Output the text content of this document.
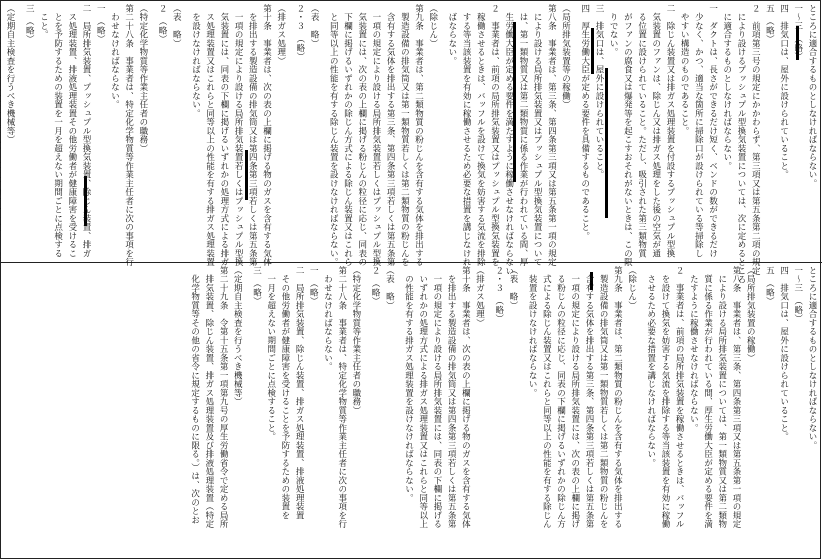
ところに適合するものとしなければならない。
一～三　（略）
四　排気口は、屋外に設けられていること。
五　（略）
２　前項第三号の規定にかかわらず、第三項又は第五条第二項の規定
　により設けるプッシュプル型換気装置については、次に定めるところ
　に適合するものとしなければならない。
一　ダクトは、長さができるだけ短く、ベンドの数ができるだけ
　少なく、かつ、適当な箇所に掃除口が設けられている等掃除し
　やすい構造のものであること。
二　除じん装置又は排ガス処理装置を付設するプッシュプル型換
　気装置のファンは、除じん又は排ガス処理をした後の空気が通
　る位置に設けられていること。ただし、吸引された第三類物質
　がファンの腐食又は爆発等を起こすおそれがないときは、この限
　りでない。
三　排気口は、屋外に設けられていること。
四　厚生労働大臣が定める要件を具備するものであること。
（局所排気装置等の稼働）
第八条　事業者は、第三条、第四条第三項又は第五条第一項の規定
　により設ける局所排気装置又はプッシュプル型換気装置について
　は、第一類物質又は第二類物質に係る作業が行われている間、厚
　生労働大臣が定める要件を満たすように稼働させなければならない。
２　事業者は、前項の局所排気装置又はプッシュプル型換気装置を
　稼働させるときは、バッフルを設けて換気を妨害する気流を排除
　する等当該装置を有効に稼働させるため必要な措置を講じなけれ
　ばならない。
（除じん）
第九条　事業者は、第二類物質の粉じんを含有する気体を排出する
　製造設備の排気筒又は第一類物質若しくは第二類物質の粉じんを
　含有する気体を排出する第三条、第四条第三項若しくは第五条第
　一項の規定により設ける局所排気装置若しくはプッシュプル型換
　気装置には、次の表の上欄に掲げる粉じんの粒径に応じ、同表の
　下欄に掲げるいずれかの除じん方式による除じん装置又はこれら
　と同等以上の性能を有する除じん装置を設けなければならない。
（表　略）
２・３　（略）
（排ガス処理）
第十条　事業者は、次の表の上欄に掲げる物のガスを含有する気体
　を排出する製造設備の排気筒又は第四条第三項若しくは第五条第
　一項の規定により設ける局所排気装置若しくはプッシュプル型換
　気装置には、同表の下欄に掲げるいずれかの処理方式による排ガ
　ス処理装置又はこれらと同等以上の性能を有する排ガス処理装置
　を設けなければならない。
（表　略）
２　（略）
（特定化学物質等作業主任者の職務）
第二十八条　事業者は、特定化学物質等作業主任者に次の事項を行
　わせなければならない。
一　（略）
二　局所排気装置、プッシュプル型換気装置、除じん装置、排ガ
　ス処理装置、排液処理装置その他労働者が健康障害を受けるこ
　とを予防するための装置を一月を超えない期間ごとに点検する
　こと。
三　（略）
（定期自主検査を行うべき機械等）
ところに適合するものとしなければならない。
一～三　（略）
四　排気口は、屋外に設けられていること。
五　（略）
（局所排気装置の稼働）
第八条　事業者は、第三条、第四条第三項又は第五条第一項の規定
　により設ける局所排気装置については、第一類物質又は第二類物
　質に係る作業が行われている間、厚生労働大臣が定める要件を満
　たすように稼働させなければならない。
２　事業者は、前項の局所排気装置を稼働させるときは、バッフル
　を設けて換気を妨害する気流を排除する等当該装置を有効に稼働
　させるため必要な措置を講じなければならない。
（除じん）
第九条　事業者は、第二類物質の粉じんを含有する気体を排出する
　製造設備の排気筒又は第一類物質若しくは第二類物質の粉じんを
　含有する気体を排出する第三条、第四条第三項若しくは第五条第
　一項の規定により設ける局所排気装置には、次の表の上欄に掲げ
　る粉じんの粒径に応じ、同表の下欄に掲げるいずれかの除じん方
　式による除じん装置又はこれらと同等以上の性能を有する除じん
　装置を設けなければならない。
（表　略）
２・３　（略）
（排ガス処理）
第十条　事業者は、次の表の上欄に掲げる物のガスを含有する気体
　を排出する製造設備の排気筒又は第四条第三項若しくは第五条第
　一項の規定により設ける局所排気装置には、同表の下欄に掲げる
　いずれかの処理方式による排ガス処理装置又はこれらと同等以上
　の性能を有する排ガス処理装置を設けなければならない。
（表　略）
２　（略）
（特定化学物質等作業主任者の職務）
第二十八条　事業者は、特定化学物質等作業主任者に次の事項を行
　わせなければならない。
一　（略）
二　局所排気装置、除じん装置、排ガス処理装置、排液処理装置
　その他労働者が健康障害を受けることを予防するための装置を
　一月を超えない期間ごとに点検すること。
三　（略）
（定期自主検査を行うべき機械等）
第二十九条　令第十五条第一項第九号の厚生労働省令で定める局所
　排気装置、除じん装置、排ガス処理装置及び排液処理装置（特定
　化学物質等その他の省令に規定するものに限る。）は、次のとお
